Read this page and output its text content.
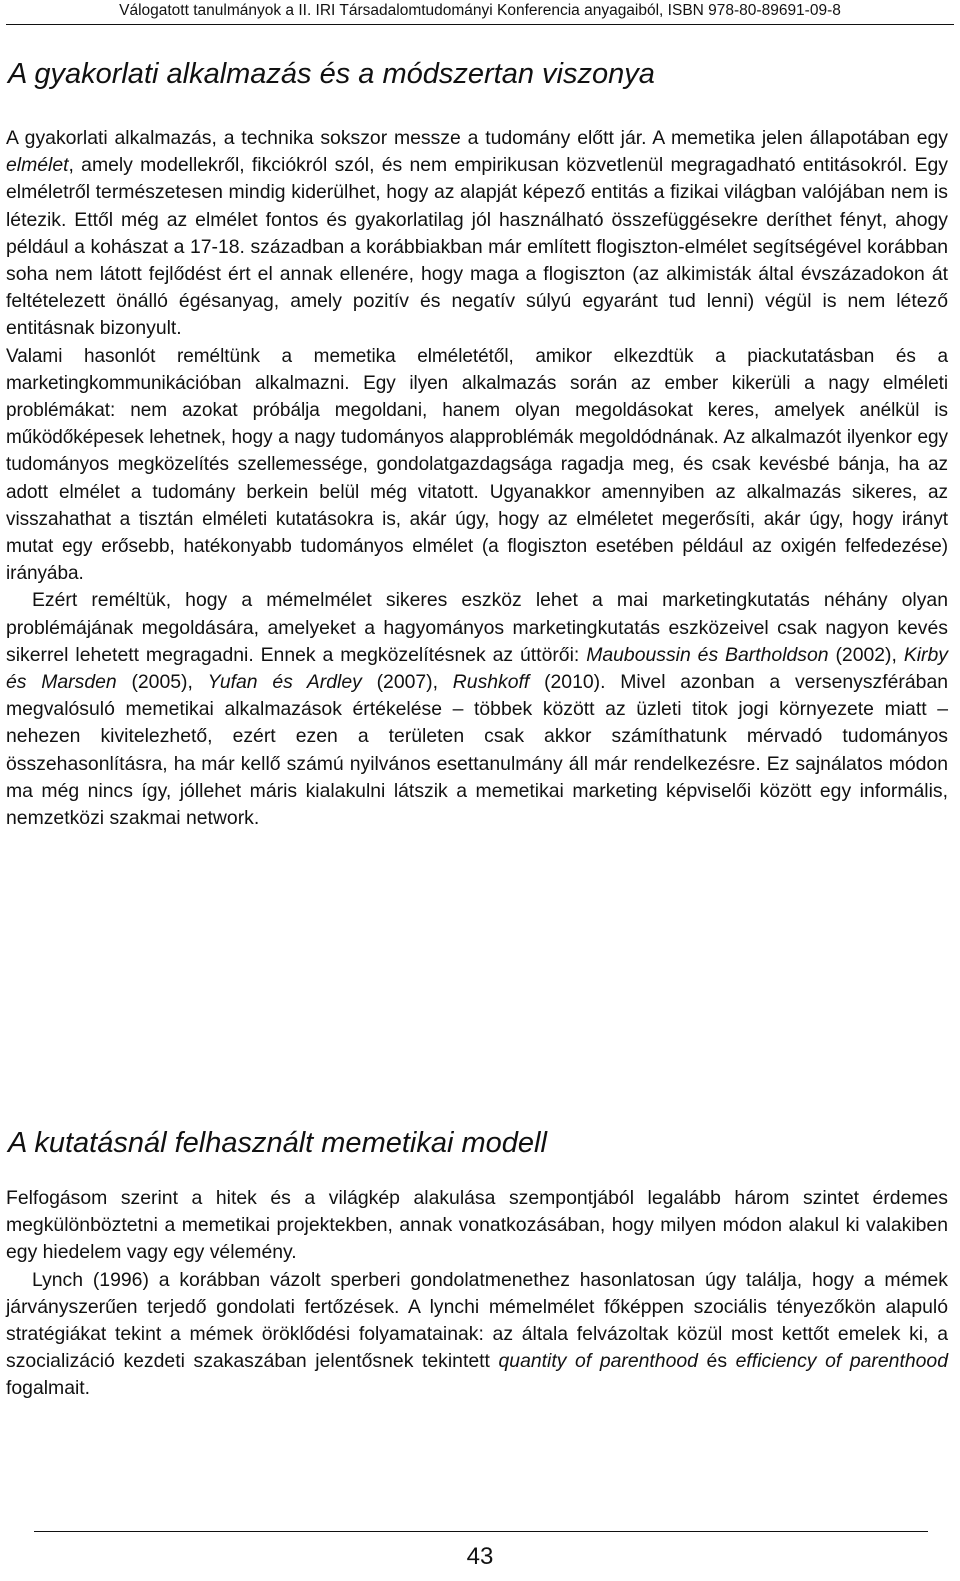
Válogatott tanulmányok a II. IRI Társadalomtudományi Konferencia anyagaiból, ISBN 978-80-89691-09-8
A gyakorlati alkalmazás és a módszertan viszonya

A gyakorlati alkalmazás, a technika sokszor messze a tudomány előtt jár. A memetika jelen állapotában egy elmélet, amely modellekről, fikciókról szól, és nem empirikusan közvetlenül megragadható entitásokról. Egy elméletről természetesen mindig kiderülhet, hogy az alapját képező entitás a fizikai világban valójában nem is létezik. Ettől még az elmélet fontos és gyakorlatilag jól használható összefüggésekre deríthet fényt, ahogy például a kohászat a 17-18. században a korábbiakban már említett flogiszton-elmélet segítségével korábban soha nem látott fejlődést ért el annak ellenére, hogy maga a flogiszton (az alkimisták által évszázadokon át feltételezett önálló égésanyag, amely pozitív és negatív súlyú egyaránt tud lenni) végül is nem létező entitásnak bizonyult.

Valami hasonlót reméltünk a memetika elméletétől, amikor elkezdtük a piackutatásban és a marketingkommunikációban alkalmazni. Egy ilyen alkalmazás során az ember kikerüli a nagy elméleti problémákat: nem azokat próbálja megoldani, hanem olyan megoldásokat keres, amelyek anélkül is működőképesek lehetnek, hogy a nagy tudományos alapproblémák megoldódnának. Az alkalmazót ilyenkor egy tudományos megközelítés szellemessége, gondolatgazdagsága ragadja meg, és csak kevésbé bánja, ha az adott elmélet a tudomány berkein belül még vitatott. Ugyanakkor amennyiben az alkalmazás sikeres, az visszahathat a tisztán elméleti kutatásokra is, akár úgy, hogy az elméletet megerősíti, akár úgy, hogy irányt mutat egy erősebb, hatékonyabb tudományos elmélet (a flogiszton esetében például az oxigén felfedezése) irányába.

Ezért reméltük, hogy a mémelmélet sikeres eszköz lehet a mai marketingkutatás néhány olyan problémájának megoldására, amelyeket a hagyományos marketingkutatás eszközeivel csak nagyon kevés sikerrel lehetett megragadni. Ennek a megközelítésnek az úttörői: Mauboussin és Bartholdson (2002), Kirby és Marsden (2005), Yufan és Ardley (2007), Rushkoff (2010). Mivel azonban a versenyszférában megvalósuló memetikai alkalmazások értékelése – többek között az üzleti titok jogi környezete miatt – nehezen kivitelezhető, ezért ezen a területen csak akkor számíthatunk mérvadó tudományos összehasonlításra, ha már kellő számú nyilvános esettanulmány áll már rendelkezésre. Ez sajnálatos módon ma még nincs így, jóllehet máris kialakulni látszik a memetikai marketing képviselői között egy informális, nemzetközi szakmai network.

A kutatásnál felhasznált memetikai modell

Felfogásom szerint a hitek és a világkép alakulása szempontjából legalább három szintet érdemes megkülönböztetni a memetikai projektekben, annak vonatkozásában, hogy milyen módon alakul ki valakiben egy hiedelem vagy egy vélemény.

Lynch (1996) a korábban vázolt sperberi gondolatmenethez hasonlatosan úgy találja, hogy a mémek járványszerűen terjedő gondolati fertőzések. A lynchi mémelmélet főképpen szociális tényezőkön alapuló stratégiákat tekint a mémek öröklődési folyamatainak: az általa felvázoltak közül most kettőt emelek ki, a szocializáció kezdeti szakaszában jelentősnek tekintett quantity of parenthood és efficiency of parenthood fogalmait.

43
